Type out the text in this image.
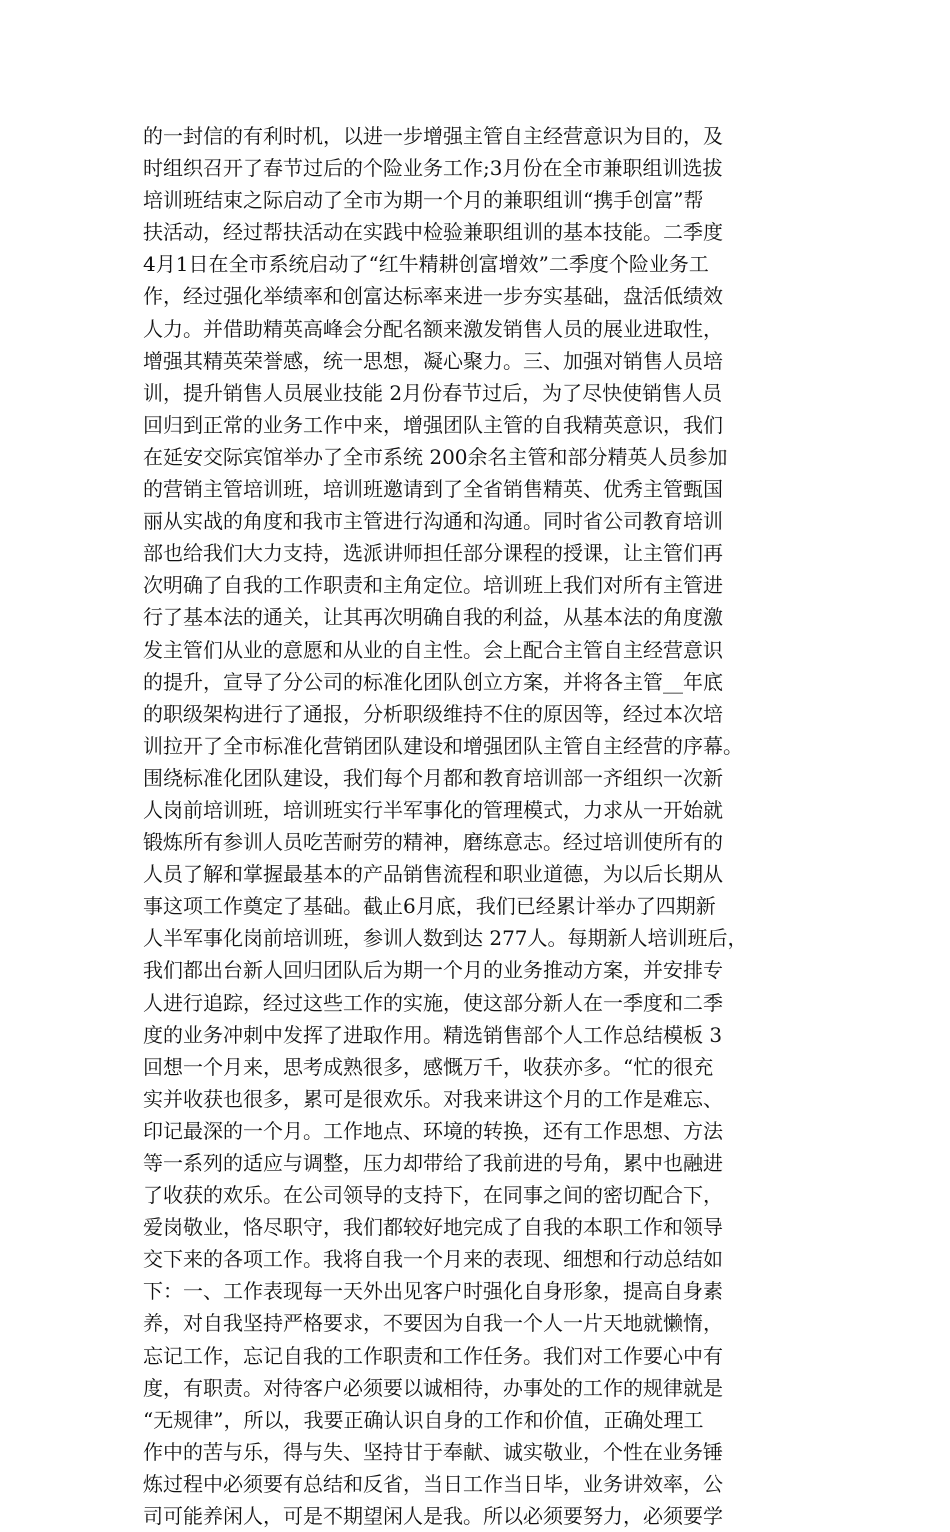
的一封信的有利时机，以进一步增强主管自主经营意识为目的，及
时组织召开了春节过后的个险业务工作;3月份在全市兼职组训选拔
培训班结束之际启动了全市为期一个月的兼职组训“携手创富”帮
扶活动，经过帮扶活动在实践中检验兼职组训的基本技能。二季度
4月1日在全市系统启动了“红牛精耕创富增效”二季度个险业务工
作，经过强化举绩率和创富达标率来进一步夯实基础，盘活低绩效
人力。并借助精英高峰会分配名额来激发销售人员的展业进取性，
增强其精英荣誉感，统一思想，凝心聚力。三、加强对销售人员培
训，提升销售人员展业技能 2月份春节过后，为了尽快使销售人员
回归到正常的业务工作中来，增强团队主管的自我精英意识，我们
在延安交际宾馆举办了全市系统 200余名主管和部分精英人员参加
的营销主管培训班，培训班邀请到了全省销售精英、优秀主管甄国
丽从实战的角度和我市主管进行沟通和沟通。同时省公司教育培训
部也给我们大力支持，选派讲师担任部分课程的授课，让主管们再
次明确了自我的工作职责和主角定位。培训班上我们对所有主管进
行了基本法的通关，让其再次明确自我的利益，从基本法的角度激
发主管们从业的意愿和从业的自主性。会上配合主管自主经营意识
的提升，宣导了分公司的标准化团队创立方案，并将各主管__年底
的职级架构进行了通报，分析职级维持不住的原因等，经过本次培
训拉开了全市标准化营销团队建设和增强团队主管自主经营的序幕。
围绕标准化团队建设，我们每个月都和教育培训部一齐组织一次新
人岗前培训班，培训班实行半军事化的管理模式，力求从一开始就
锻炼所有参训人员吃苦耐劳的精神，磨练意志。经过培训使所有的
人员了解和掌握最基本的产品销售流程和职业道德，为以后长期从
事这项工作奠定了基础。截止6月底，我们已经累计举办了四期新
人半军事化岗前培训班，参训人数到达 277人。每期新人培训班后，
我们都出台新人回归团队后为期一个月的业务推动方案，并安排专
人进行追踪，经过这些工作的实施，使这部分新人在一季度和二季
度的业务冲刺中发挥了进取作用。精选销售部个人工作总结模板 3
回想一个月来，思考成熟很多，感慨万千，收获亦多。“忙的很充
实并收获也很多，累可是很欢乐。对我来讲这个月的工作是难忘、
印记最深的一个月。工作地点、环境的转换，还有工作思想、方法
等一系列的适应与调整，压力却带给了我前进的号角，累中也融进
了收获的欢乐。在公司领导的支持下，在同事之间的密切配合下，
爱岗敬业，恪尽职守，我们都较好地完成了自我的本职工作和领导
交下来的各项工作。我将自我一个月来的表现、细想和行动总结如
下：一、工作表现每一天外出见客户时强化自身形象，提高自身素
养，对自我坚持严格要求，不要因为自我一个人一片天地就懒惰，
忘记工作，忘记自我的工作职责和工作任务。我们对工作要心中有
度，有职责。对待客户必须要以诚相待，办事处的工作的规律就是
“无规律”，所以，我要正确认识自身的工作和价值，正确处理工
作中的苦与乐，得与失、坚持甘于奉献、诚实敬业，个性在业务锤
炼过程中必须要有总结和反省，当日工作当日毕，业务讲效率，公
司可能养闲人，可是不期望闲人是我。所以必须要努力，必须要学
